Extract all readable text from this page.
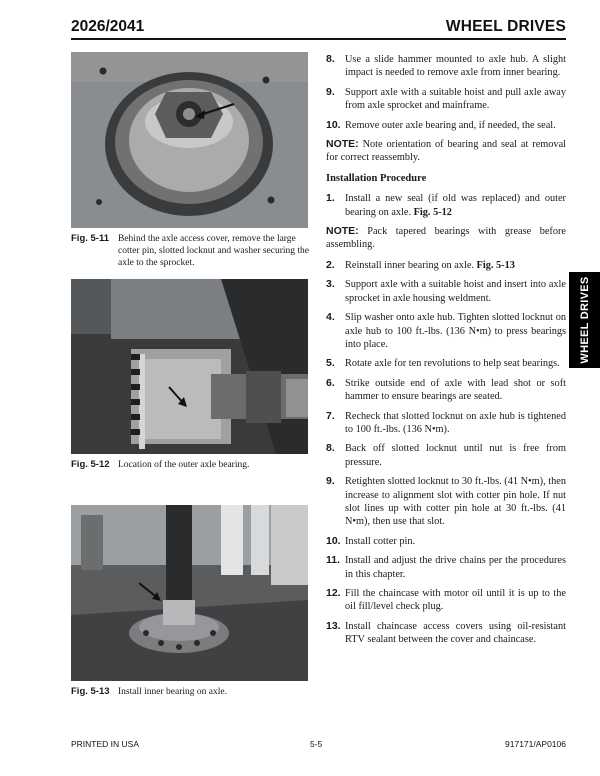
2026/2041	WHEEL DRIVES
Fig. 5-11 Behind the axle access cover, remove the large cotter pin, slotted locknut and washer securing the axle to the sprocket.
Fig. 5-12 Location of the outer axle bearing.
Fig. 5-13 Install inner bearing on axle.
8. Use a slide hammer mounted to axle hub. A slight impact is needed to remove axle from inner bearing.
9. Support axle with a suitable hoist and pull axle away from axle sprocket and mainframe.
10. Remove outer axle bearing and, if needed, the seal.
NOTE: Note orientation of bearing and seal at removal for correct reassembly.
Installation Procedure
1. Install a new seal (if old was replaced) and outer bearing on axle. Fig. 5-12
NOTE: Pack tapered bearings with grease before assembling.
2. Reinstall inner bearing on axle. Fig. 5-13
3. Support axle with a suitable hoist and insert into axle sprocket in axle housing weldment.
4. Slip washer onto axle hub. Tighten slotted locknut on axle hub to 100 ft.-lbs. (136 N•m) to press bearings into place.
5. Rotate axle for ten revolutions to help seat bearings.
6. Strike outside end of axle with lead shot or soft hammer to ensure bearings are seated.
7. Recheck that slotted locknut on axle hub is tightened to 100 ft.-lbs. (136 N•m).
8. Back off slotted locknut until nut is free from pressure.
9. Retighten slotted locknut to 30 ft.-lbs. (41 N•m), then increase to alignment slot with cotter pin hole. If nut slot lines up with cotter pin hole at 30 ft.-lbs. (41 N•m), then use that slot.
10. Install cotter pin.
11. Install and adjust the drive chains per the procedures in this chapter.
12. Fill the chaincase with motor oil until it is up to the oil fill/level check plug.
13. Install chaincase access covers using oil-resistant RTV sealant between the cover and chaincase.
WHEEL DRIVES
PRINTED IN USA	5-5	917171/AP0106
